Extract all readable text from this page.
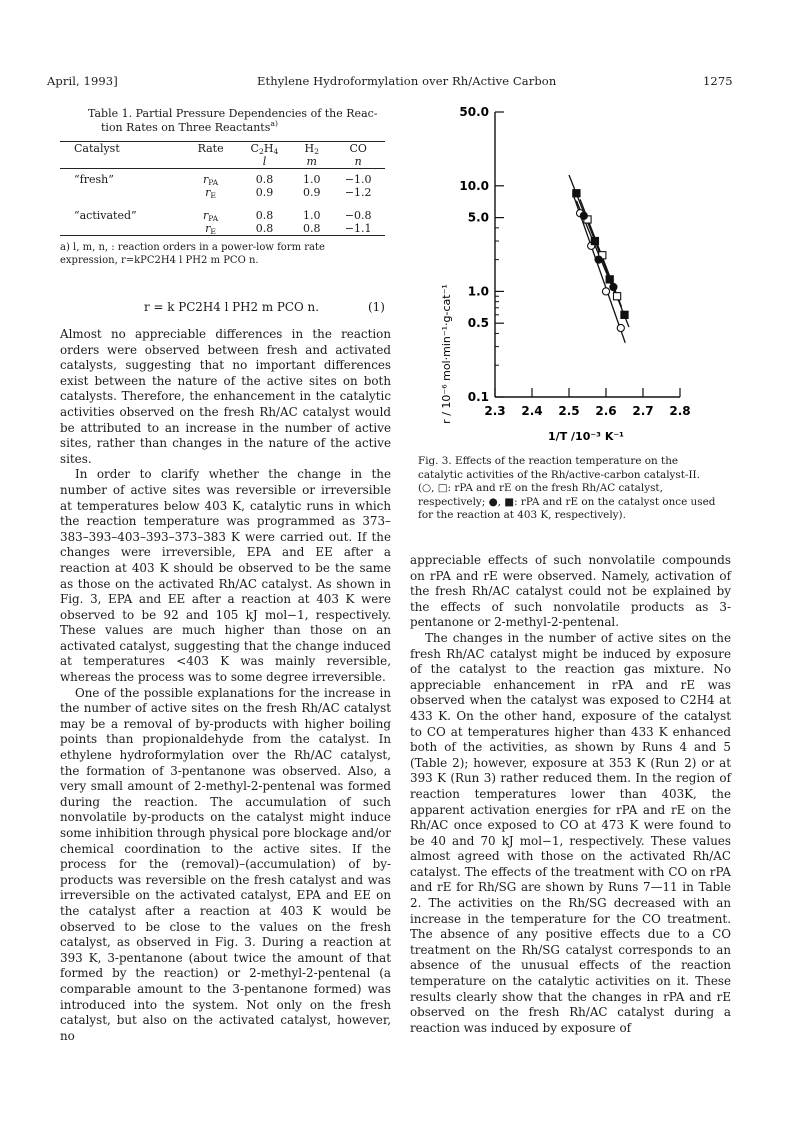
April, 1993]	Ethylene Hydroformylation over Rh/Active Carbon	1275
Table 1. Partial Pressure Dependencies of the Reac-
tion Rates on Three Reactants$^{a)}$
Catalyst	Rate	$C_2H_4$	$H_2$	CO
		l	m	n

“fresh”	$r_{PA}$	0.8	1.0	−1.0
	$r_E$	0.9	0.9	−1.2

“activated”	$r_{PA}$	0.8	1.0	−0.8
	$r_E$	0.8	0.8	−1.1
a) l, m, n, : reaction orders in a power-low form rate
expression, r=kPC2H4 l PH2 m PCO n.
r = k PC2H4 l PH2 m PCO n.	(1)

Almost no appreciable differences in the reaction orders were observed between fresh and activated catalysts, suggesting that no important differences exist between the nature of the active sites on both catalysts. Therefore, the enhancement in the catalytic activities observed on the fresh Rh/AC catalyst would be attributed to an increase in the number of active sites, rather than changes in the nature of the active sites.

In order to clarify whether the change in the number of active sites was reversible or irreversible at temperatures below 403 K, catalytic runs in which the reaction temperature was programmed as 373–383–393–403–393–373–383 K were carried out. If the changes were irreversible, EPA and EE after a reaction at 403 K should be observed to be the same as those on the activated Rh/AC catalyst. As shown in Fig. 3, EPA and EE after a reaction at 403 K were observed to be 92 and 105 kJ mol−1, respectively. These values are much higher than those on an activated catalyst, suggesting that the change induced at temperatures <403 K was mainly reversible, whereas the process was to some degree irreversible.

One of the possible explanations for the increase in the number of active sites on the fresh Rh/AC catalyst may be a removal of by-products with higher boiling points than propionaldehyde from the catalyst. In ethylene hydroformylation over the Rh/AC catalyst, the formation of 3-pentanone was observed. Also, a very small amount of 2-methyl-2-pentenal was formed during the reaction. The accumulation of such nonvolatile by-products on the catalyst might induce some inhibition through physical pore blockage and/or chemical coordination to the active sites. If the process for the (removal)–(accumulation) of by-products was reversible on the fresh catalyst and was irreversible on the activated catalyst, EPA and EE on the catalyst after a reaction at 403 K would be observed to be close to the values on the fresh catalyst, as observed in Fig. 3. During a reaction at 393 K, 3-pentanone (about twice the amount of that formed by the reaction) or 2-methyl-2-pentenal (a comparable amount to the 3-pentanone formed) was introduced into the system. Not only on the fresh catalyst, but also on the activated catalyst, however, no

0.1
0.5
1.0
5.0
10.0
50.0
2.3 2.4 2.5 2.6 2.7 2.8
r / 10⁻⁶ mol·min⁻¹·g-cat⁻¹
1/T /10⁻³ K⁻¹
Fig. 3. Effects of the reaction temperature on the catalytic activities of the Rh/active-carbon catalyst-II. (○, □: rPA and rE on the fresh Rh/AC catalyst, respectively; ●, ■: rPA and rE on the catalyst once used for the reaction at 403 K, respectively).

appreciable effects of such nonvolatile compounds on rPA and rE were observed. Namely, activation of the fresh Rh/AC catalyst could not be explained by the effects of such nonvolatile products as 3-pentanone or 2-methyl-2-pentenal.

The changes in the number of active sites on the fresh Rh/AC catalyst might be induced by exposure of the catalyst to the reaction gas mixture. No appreciable enhancement in rPA and rE was observed when the catalyst was exposed to C2H4 at 433 K. On the other hand, exposure of the catalyst to CO at temperatures higher than 433 K enhanced both of the activities, as shown by Runs 4 and 5 (Table 2); however, exposure at 353 K (Run 2) or at 393 K (Run 3) rather reduced them. In the region of reaction temperatures lower than 403K, the apparent activation energies for rPA and rE on the Rh/AC once exposed to CO at 473 K were found to be 40 and 70 kJ mol−1, respectively. These values almost agreed with those on the activated Rh/AC catalyst. The effects of the treatment with CO on rPA and rE for Rh/SG are shown by Runs 7—11 in Table 2. The activities on the Rh/SG decreased with an increase in the temperature for the CO treatment. The absence of any positive effects due to a CO treatment on the Rh/SG catalyst corresponds to an absence of the unusual effects of the reaction temperature on the catalytic activities on it. These results clearly show that the changes in rPA and rE observed on the fresh Rh/AC catalyst during a reaction was induced by exposure of
